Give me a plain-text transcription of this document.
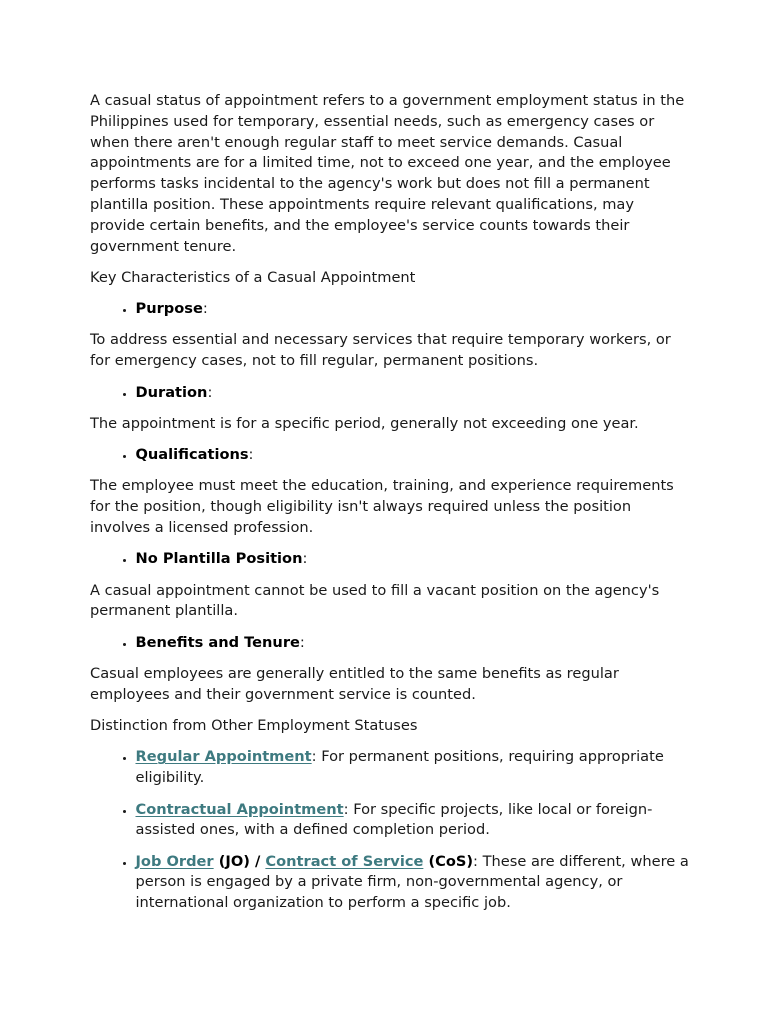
A casual status of appointment refers to a government employment status in the Philippines used for temporary, essential needs, such as emergency cases or when there aren't enough regular staff to meet service demands. Casual appointments are for a limited time, not to exceed one year, and the employee performs tasks incidental to the agency's work but does not fill a permanent plantilla position. These appointments require relevant qualifications, may provide certain benefits, and the employee's service counts towards their government tenure.

Key Characteristics of a Casual Appointment

• Purpose:

To address essential and necessary services that require temporary workers, or for emergency cases, not to fill regular, permanent positions.

• Duration:

The appointment is for a specific period, generally not exceeding one year.

• Qualifications:

The employee must meet the education, training, and experience requirements for the position, though eligibility isn't always required unless the position involves a licensed profession.

• No Plantilla Position:

A casual appointment cannot be used to fill a vacant position on the agency's permanent plantilla.

• Benefits and Tenure:

Casual employees are generally entitled to the same benefits as regular employees and their government service is counted.

Distinction from Other Employment Statuses

• Regular Appointment: For permanent positions, requiring appropriate eligibility.
• Contractual Appointment: For specific projects, like local or foreign-assisted ones, with a defined completion period.
• Job Order (JO) / Contract of Service (CoS): These are different, where a person is engaged by a private firm, non-governmental agency, or international organization to perform a specific job.
